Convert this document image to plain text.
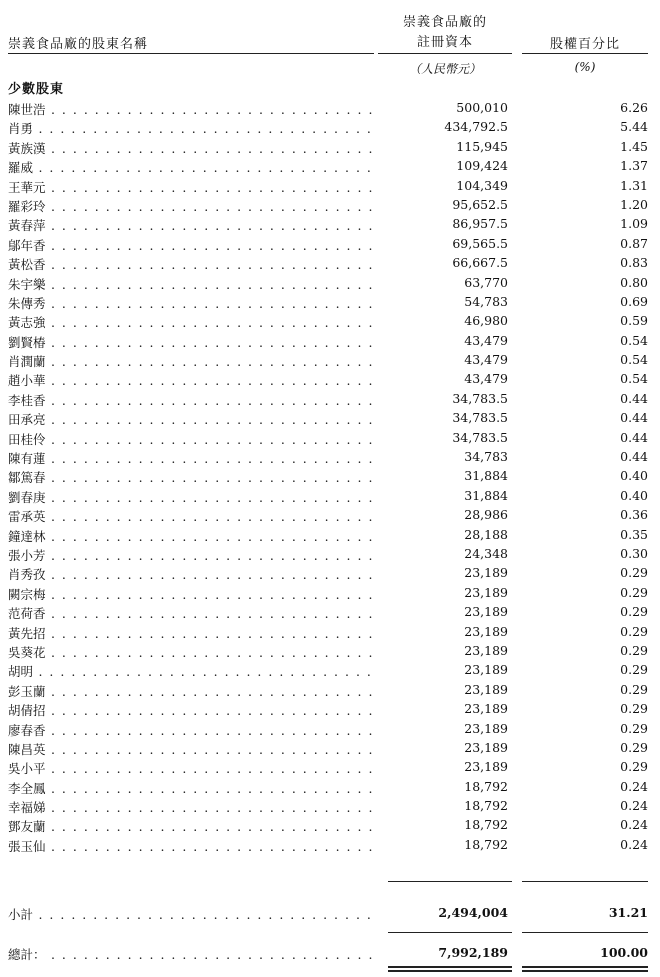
崇義食品廠的股東名稱
崇義食品廠的
註冊資本	股權百分比
（人民幣元）	(%)
少數股東
陳世浩 . . .	500,010	6.26
肖勇 . . .	434,792.5	5.44
黃族漢 . . .	115,945	1.45
羅威 . . .	109,424	1.37
王華元 . . .	104,349	1.31
羅彩玲 . . .	95,652.5	1.20
黃春萍 . . .	86,957.5	1.09
鄔年香 . . .	69,565.5	0.87
黃松香 . . .	66,667.5	0.83
朱宇樂 . . .	63,770	0.80
朱傳秀 . . .	54,783	0.69
黃志強 . . .	46,980	0.59
劉賢椿 . . .	43,479	0.54
肖潤蘭 . . .	43,479	0.54
趙小華 . . .	43,479	0.54
李桂香 . . .	34,783.5	0.44
田承亮 . . .	34,783.5	0.44
田桂伶 . . .	34,783.5	0.44
陳有蓮 . . .	34,783	0.44
鄒篤春 . . .	31,884	0.40
劉春庚 . . .	31,884	0.40
雷承英 . . .	28,986	0.36
鐘達林 . . .	28,188	0.35
張小芳 . . .	24,348	0.30
肖秀孜 . . .	23,189	0.29
闕宗梅 . . .	23,189	0.29
范荷香 . . .	23,189	0.29
黃先招 . . .	23,189	0.29
吳葵花 . . .	23,189	0.29
胡明 . . .	23,189	0.29
彭玉蘭 . . .	23,189	0.29
胡倩招 . . .	23,189	0.29
廖春香 . . .	23,189	0.29
陳昌英 . . .	23,189	0.29
吳小平 . . .	23,189	0.29
李全鳳 . . .	18,792	0.24
幸福娣 . . .	18,792	0.24
鄧友蘭 . . .	18,792	0.24
張玉仙 . . .	18,792	0.24
小計 . . .	2,494,004	31.21
總計： . . .	7,992,189	100.00
